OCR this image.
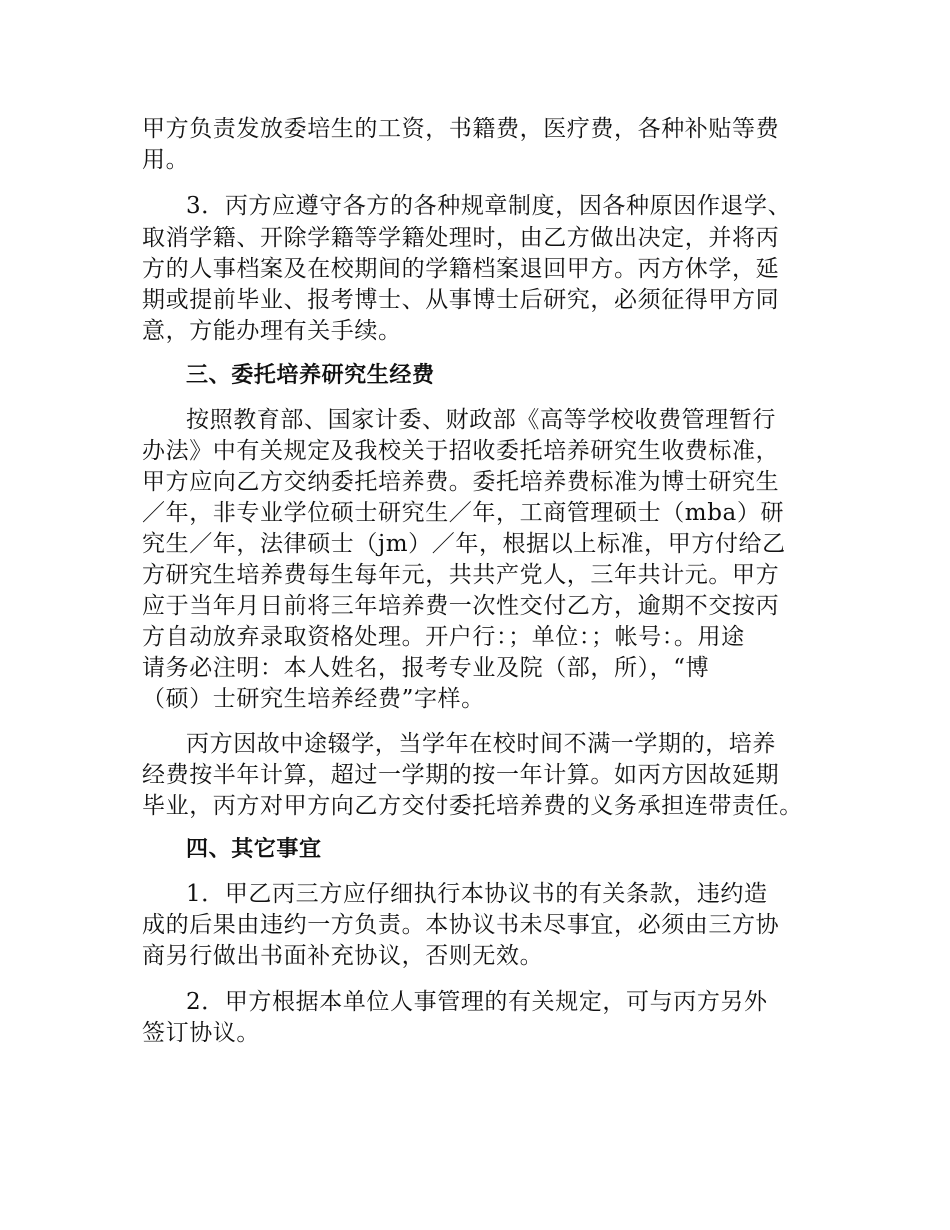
甲方负责发放委培生的工资，书籍费，医疗费，各种补贴等费
用。
3．丙方应遵守各方的各种规章制度，因各种原因作退学、
取消学籍、开除学籍等学籍处理时，由乙方做出决定，并将丙
方的人事档案及在校期间的学籍档案退回甲方。丙方休学，延
期或提前毕业、报考博士、从事博士后研究，必须征得甲方同
意，方能办理有关手续。
三、委托培养研究生经费
按照教育部、国家计委、财政部《高等学校收费管理暂行
办法》中有关规定及我校关于招收委托培养研究生收费标准，
甲方应向乙方交纳委托培养费。委托培养费标准为博士研究生
／年，非专业学位硕士研究生／年，工商管理硕士（mba）研
究生／年，法律硕士（jm）／年，根据以上标准，甲方付给乙
方研究生培养费每生每年元，共共产党人，三年共计元。甲方
应于当年月日前将三年培养费一次性交付乙方，逾期不交按丙
方自动放弃录取资格处理。开户行：；单位：；帐号：。用途
请务必注明：本人姓名，报考专业及院（部，所），“博
（硕）士研究生培养经费”字样。
丙方因故中途辍学，当学年在校时间不满一学期的，培养
经费按半年计算，超过一学期的按一年计算。如丙方因故延期
毕业，丙方对甲方向乙方交付委托培养费的义务承担连带责任。
四、其它事宜
1．甲乙丙三方应仔细执行本协议书的有关条款，违约造
成的后果由违约一方负责。本协议书未尽事宜，必须由三方协
商另行做出书面补充协议，否则无效。
2．甲方根据本单位人事管理的有关规定，可与丙方另外
签订协议。
